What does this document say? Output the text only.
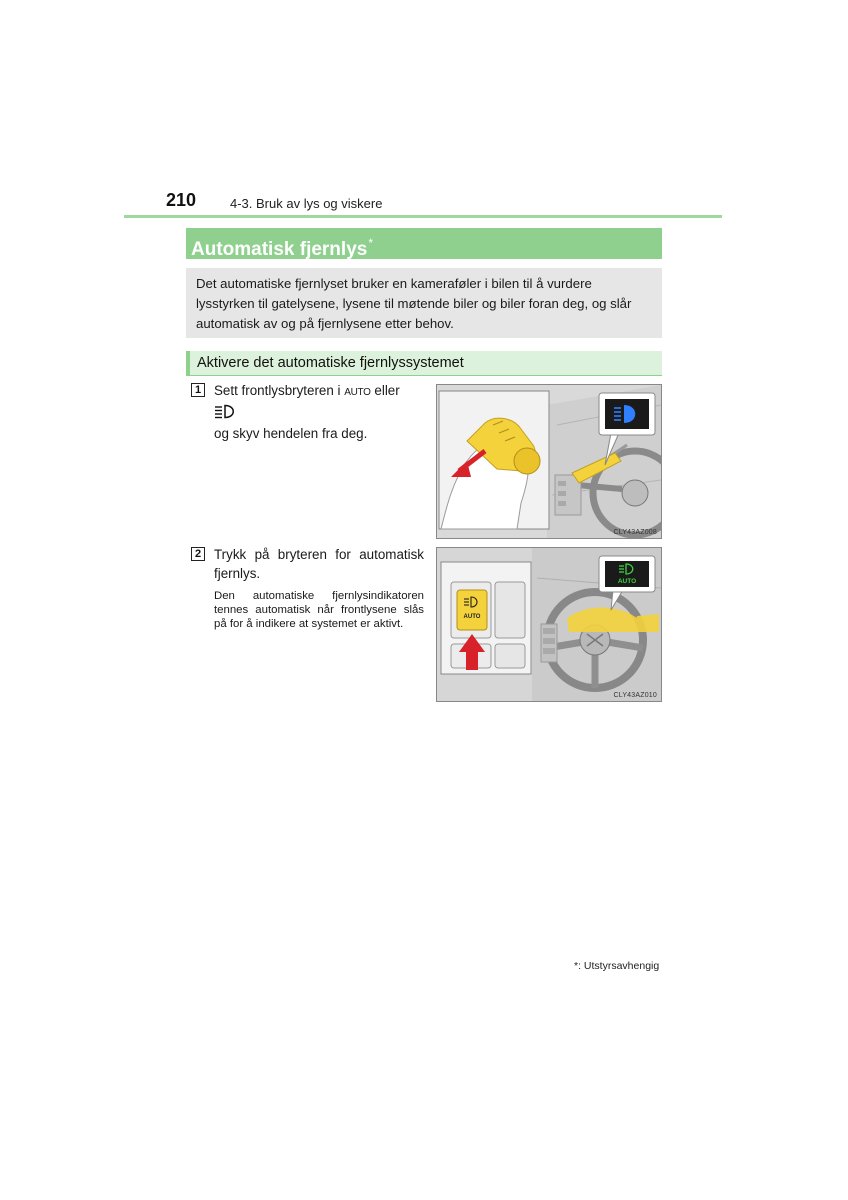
210	4-3. Bruk av lys og viskere
Automatisk fjernlys*
Det automatiske fjernlyset bruker en kameraføler i bilen til å vurdere lysstyrken til gatelysene, lysene til møtende biler og biler foran deg, og slår automatisk av og på fjernlysene etter behov.
Aktivere det automatiske fjernlyssystemet
1 Sett frontlysbryteren i AUTO eller
og skyv hendelen fra deg.
CLY43AZ008
2 Trykk på bryteren for automatisk fjernlys.
Den automatiske fjernlysindikatoren tennes automatisk når frontlysene slås på for å indikere at systemet er aktivt.
AUTO
AUTO
CLY43AZ010
*: Utstyrsavhengig
